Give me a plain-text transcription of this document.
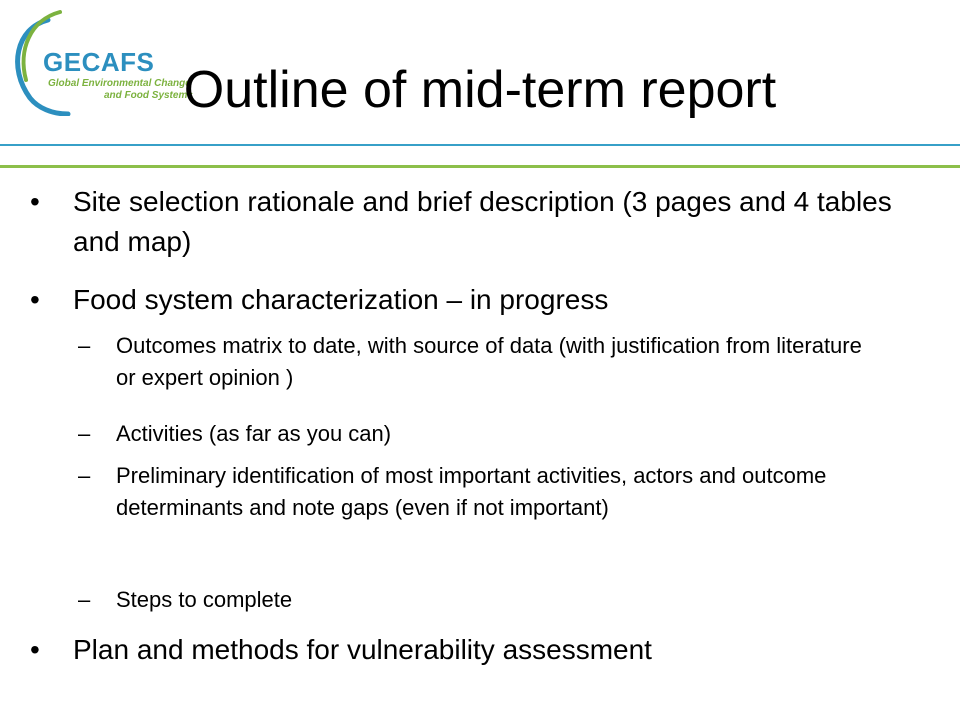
GECAFS
Global Environmental Change
and Food Systems
Outline of mid-term report
•	Site selection rationale and brief description (3 pages and 4 tables and map)
•	Food system characterization – in progress
– Outcomes matrix to date, with source of data (with justification from literature or expert opinion )
– Activities (as far as you can)
– Preliminary identification of most important activities, actors and outcome determinants and note gaps (even if not important)
– Steps to complete
•	Plan and methods for vulnerability assessment
